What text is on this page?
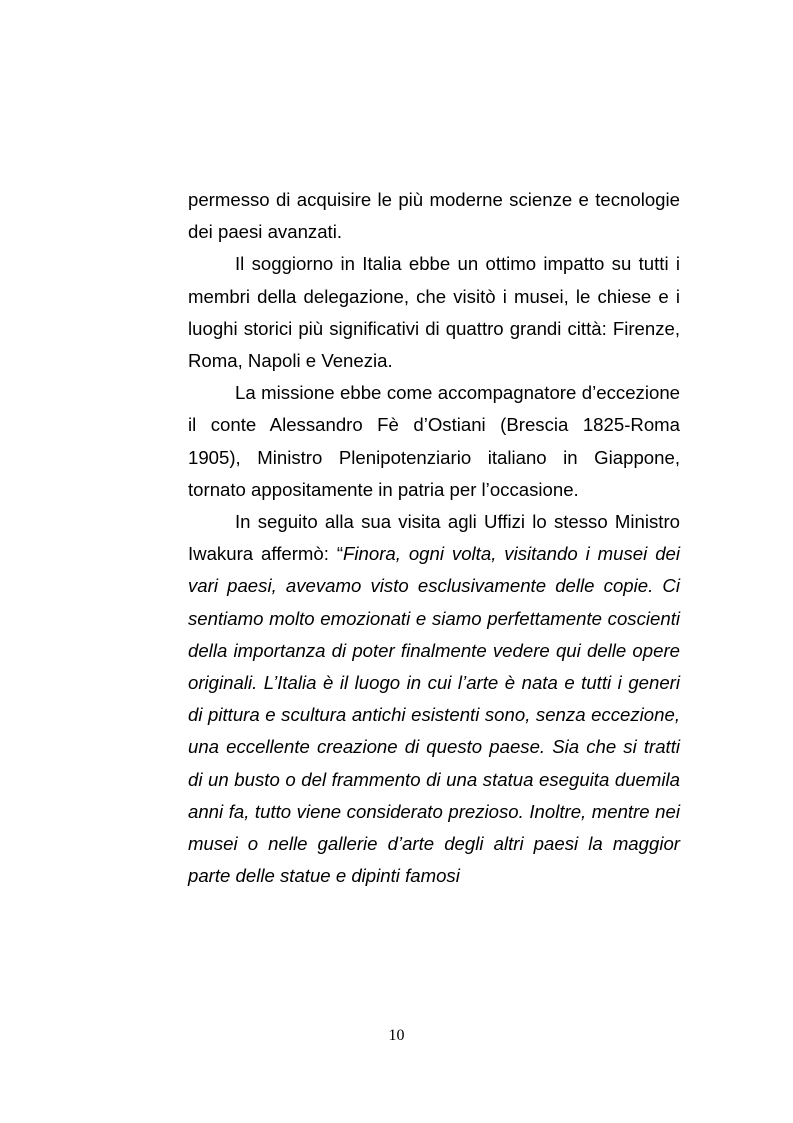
permesso di acquisire le più moderne scienze e tecnologie dei paesi avanzati.

Il soggiorno in Italia ebbe un ottimo impatto su tutti i membri della delegazione, che visitò i musei, le chiese e i luoghi storici più significativi di quattro grandi città: Firenze, Roma, Napoli e Venezia.

La missione ebbe come accompagnatore d’eccezione il conte Alessandro Fè d’Ostiani (Brescia 1825-Roma 1905), Ministro Plenipotenziario italiano in Giappone, tornato appositamente in patria per l’occasione.

In seguito alla sua visita agli Uffizi lo stesso Ministro Iwakura affermò: “Finora, ogni volta, visitando i musei dei vari paesi, avevamo visto esclusivamente delle copie. Ci sentiamo molto emozionati e siamo perfettamente coscienti della importanza di poter finalmente vedere qui delle opere originali. L’Italia è il luogo in cui l’arte è nata e tutti i generi di pittura e scultura antichi esistenti sono, senza eccezione, una eccellente creazione di questo paese. Sia che si tratti di un busto o del frammento di una statua eseguita duemila anni fa, tutto viene considerato prezioso. Inoltre, mentre nei musei o nelle gallerie d’arte degli altri paesi la maggior parte delle statue e dipinti famosi

10
